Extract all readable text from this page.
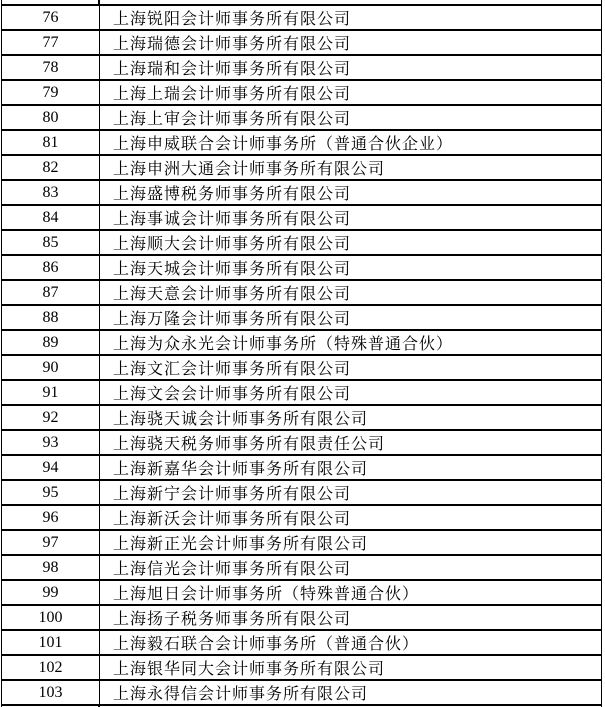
76	上海锐阳会计师事务所有限公司
77	上海瑞德会计师事务所有限公司
78	上海瑞和会计师事务所有限公司
79	上海上瑞会计师事务所有限公司
80	上海上审会计师事务所有限公司
81	上海申威联合会计师事务所（普通合伙企业）
82	上海申洲大通会计师事务所有限公司
83	上海盛博税务师事务所有限公司
84	上海事诚会计师事务所有限公司
85	上海顺大会计师事务所有限公司
86	上海天城会计师事务所有限公司
87	上海天意会计师事务所有限公司
88	上海万隆会计师事务所有限公司
89	上海为众永光会计师事务所（特殊普通合伙）
90	上海文汇会计师事务所有限公司
91	上海文会会计师事务所有限公司
92	上海骁天诚会计师事务所有限公司
93	上海骁天税务师事务所有限责任公司
94	上海新嘉华会计师事务所有限公司
95	上海新宁会计师事务所有限公司
96	上海新沃会计师事务所有限公司
97	上海新正光会计师事务所有限公司
98	上海信光会计师事务所有限公司
99	上海旭日会计师事务所（特殊普通合伙）
100	上海扬子税务师事务所有限公司
101	上海毅石联合会计师事务所（普通合伙）
102	上海银华同大会计师事务所有限公司
103	上海永得信会计师事务所有限公司
